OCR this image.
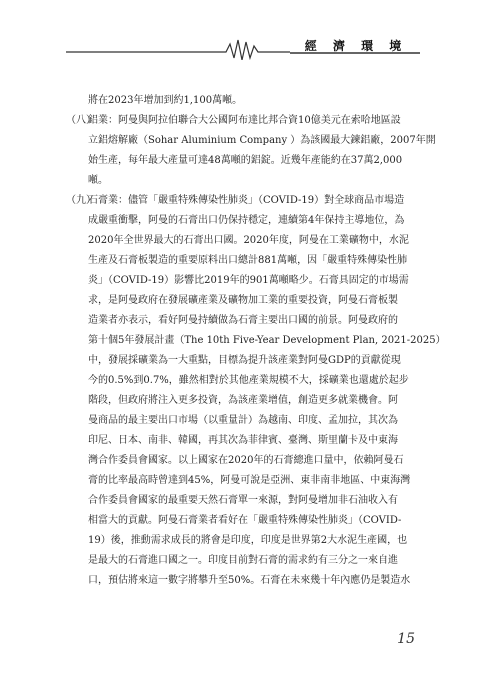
經 濟 環 境
將在2023年增加到約1,100萬噸。
（八）
鋁業：阿曼與阿拉伯聯合大公國阿布達比邦合資10億美元在索哈地區設
立鋁熔解廠（Sohar Aluminium Company ）為該國最大鍊鋁廠，2007年開
始生產，每年最大產量可達48萬噸的鋁錠。近幾年產能約在37萬2,000
噸。
（九）
石膏業：儘管「嚴重特殊傳染性肺炎」（COVID-19）對全球商品市場造
成嚴重衝擊，阿曼的石膏出口仍保持穩定，連續第4年保持主導地位，為
2020年全世界最大的石膏出口國。2020年度，阿曼在工業礦物中，水泥
生產及石膏板製造的重要原料出口總計881萬噸，因「嚴重特殊傳染性肺
炎」（COVID-19）影響比2019年的901萬噸略少。石膏具固定的市場需
求，是阿曼政府在發展礦產業及礦物加工業的重要投資，阿曼石膏板製
造業者亦表示，看好阿曼持續做為石膏主要出口國的前景。阿曼政府的
第十個5年發展計畫（The 10th Five-Year Development Plan, 2021-2025）
中，發展採礦業為一大重點，目標為提升該產業對阿曼GDP的貢獻從現
今的0.5%到0.7%，雖然相對於其他產業規模不大，採礦業也還處於起步
階段，但政府將注入更多投資，為該產業增值，創造更多就業機會。阿
曼商品的最主要出口市場（以重量計）為越南、印度、孟加拉，其次為
印尼、日本、南非、韓國，再其次為菲律賓、臺灣、斯里蘭卡及中東海
灣合作委員會國家。以上國家在2020年的石膏總進口量中，依賴阿曼石
膏的比率最高時曾達到45%，阿曼可說是亞洲、東非南非地區、中東海灣
合作委員會國家的最重要天然石膏單一來源，對阿曼增加非石油收入有
相當大的貢獻。阿曼石膏業者看好在「嚴重特殊傳染性肺炎」（COVID-
19）後，推動需求成長的將會是印度，印度是世界第2大水泥生產國，也
是最大的石膏進口國之一。印度目前對石膏的需求約有三分之一來自進
口，預估將來這一數字將攀升至50%。石膏在未來幾十年內應仍是製造水
15
